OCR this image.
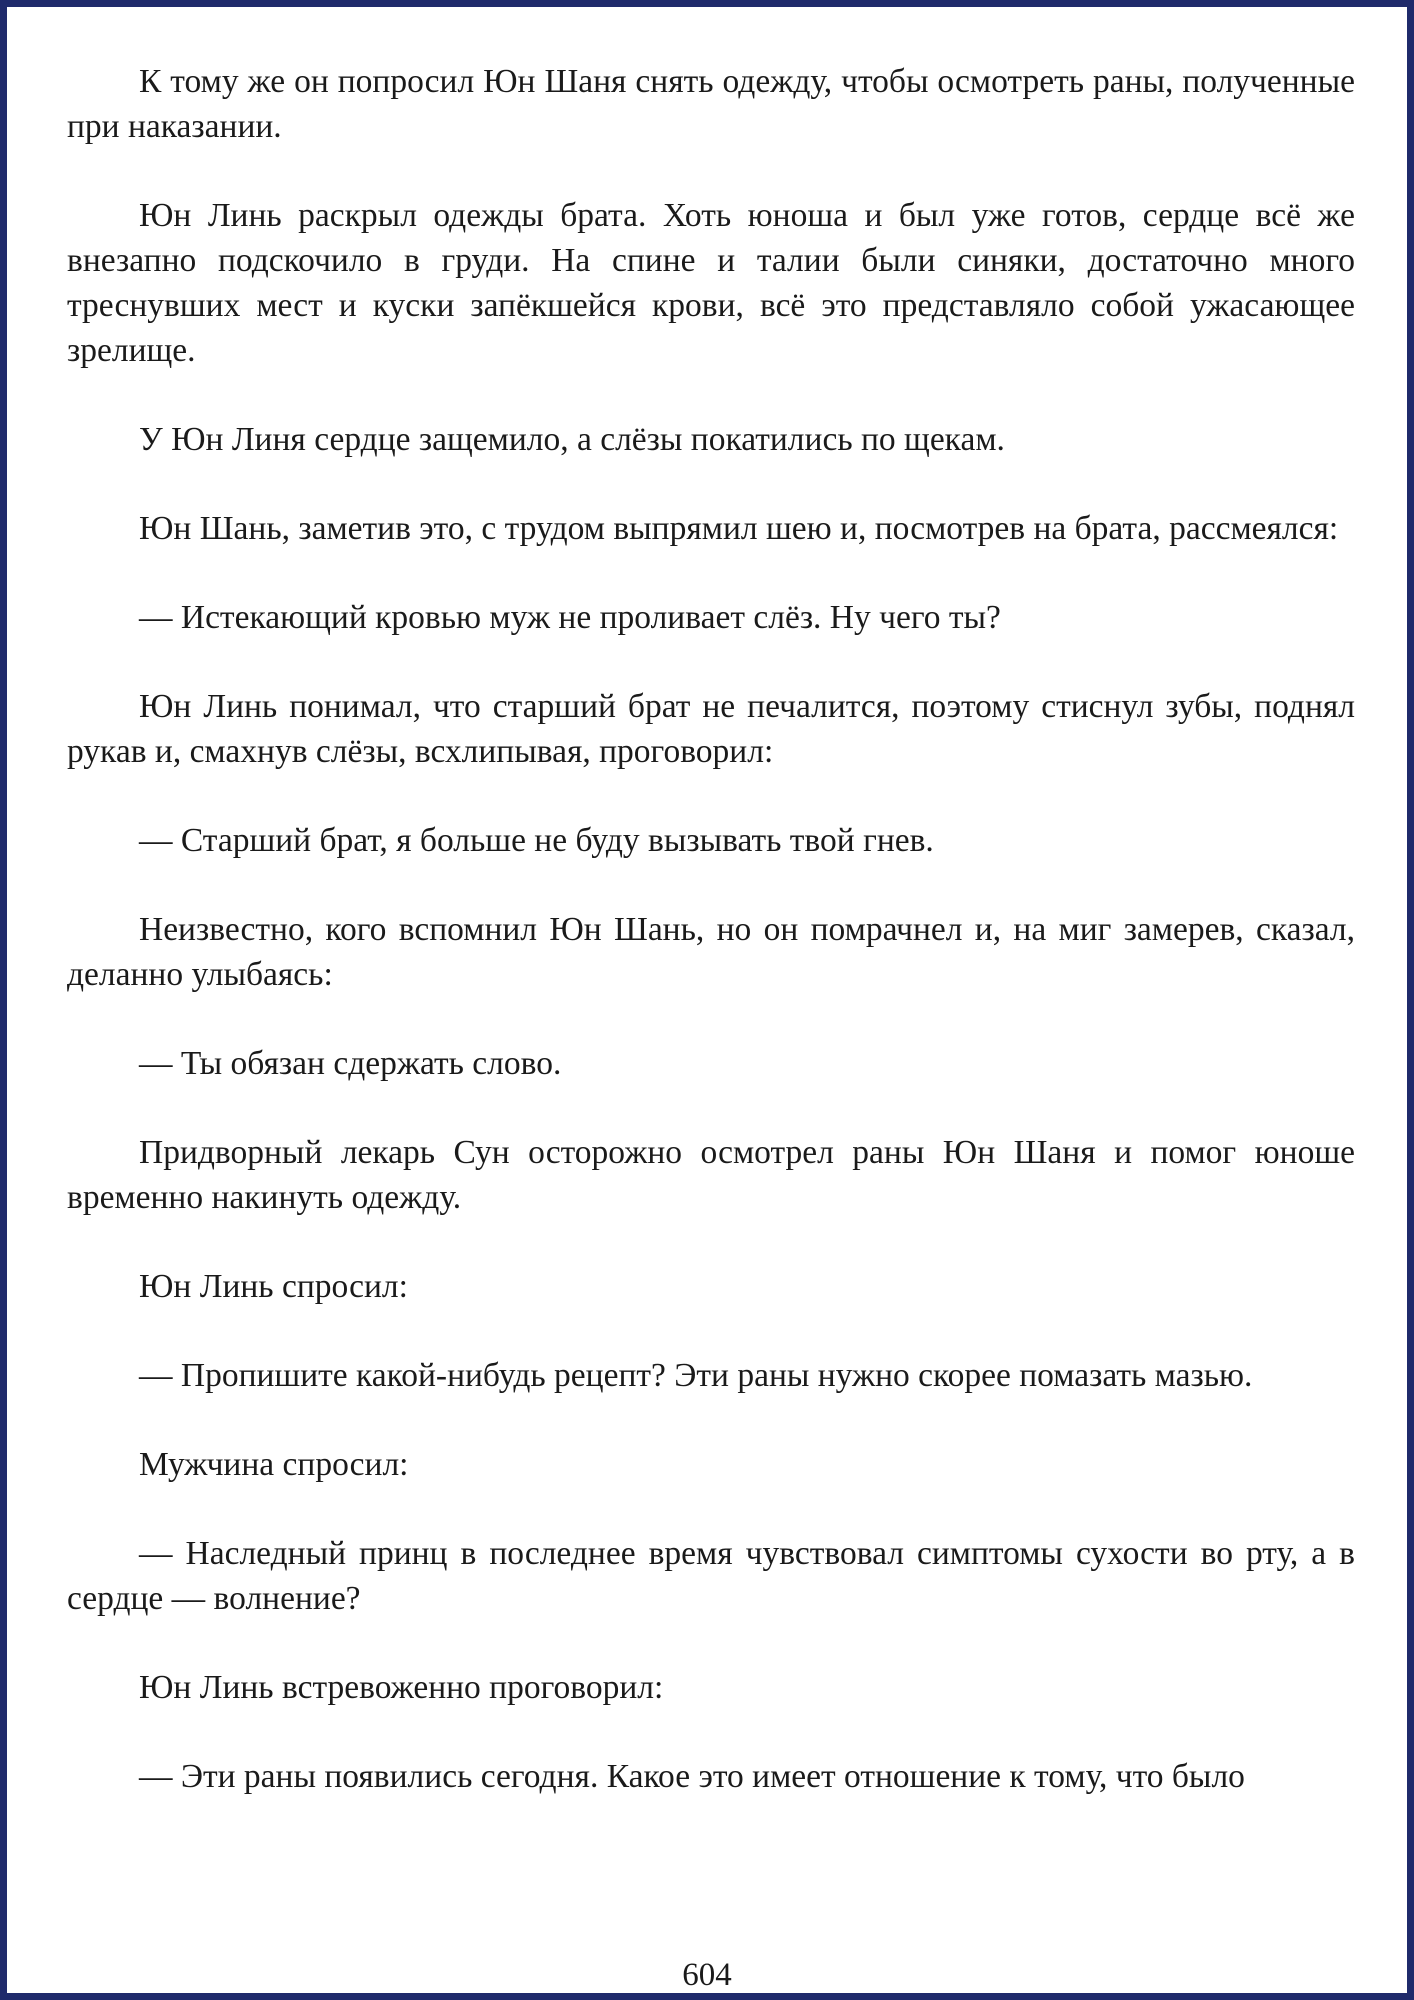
К тому же он попросил Юн Шаня снять одежду, чтобы осмотреть раны, полученные при наказании.

Юн Линь раскрыл одежды брата. Хоть юноша и был уже готов, сердце всё же внезапно подскочило в груди. На спине и талии были синяки, достаточно много треснувших мест и куски запёкшейся крови, всё это представляло собой ужасающее зрелище.

У Юн Линя сердце защемило, а слёзы покатились по щекам.

Юн Шань, заметив это, с трудом выпрямил шею и, посмотрев на брата, рассмеялся:

— Истекающий кровью муж не проливает слёз. Ну чего ты?

Юн Линь понимал, что старший брат не печалится, поэтому стиснул зубы, поднял рукав и, смахнув слёзы, всхлипывая, проговорил:

— Старший брат, я больше не буду вызывать твой гнев.

Неизвестно, кого вспомнил Юн Шань, но он помрачнел и, на миг замерев, сказал, деланно улыбаясь:

— Ты обязан сдержать слово.

Придворный лекарь Сун осторожно осмотрел раны Юн Шаня и помог юноше временно накинуть одежду.

Юн Линь спросил:

— Пропишите какой-нибудь рецепт? Эти раны нужно скорее помазать мазью.

Мужчина спросил:

— Наследный принц в последнее время чувствовал симптомы сухости во рту, а в сердце — волнение?

Юн Линь встревоженно проговорил:

— Эти раны появились сегодня. Какое это имеет отношение к тому, что было

604
